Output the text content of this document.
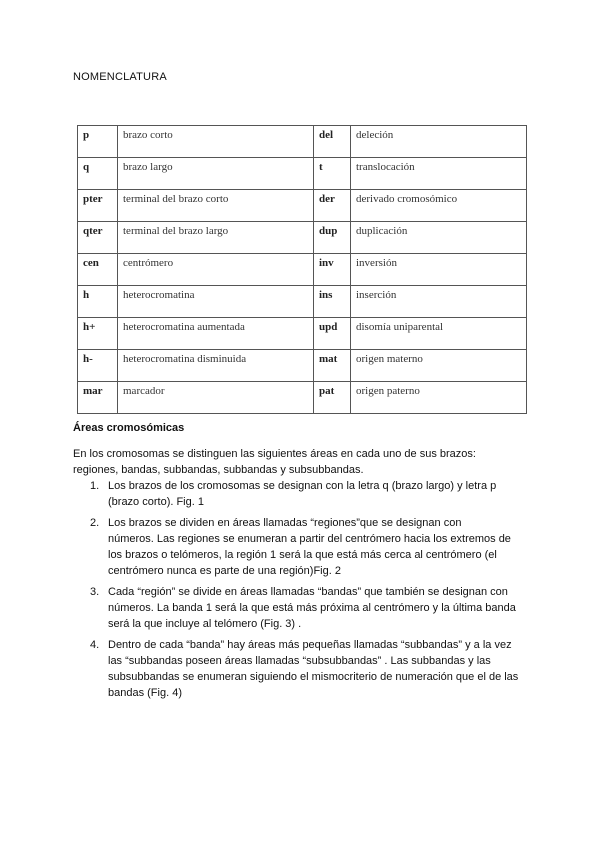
NOMENCLATURA
p	brazo corto	del	deleción
q	brazo largo	t	translocación
pter	terminal del brazo corto	der	derivado cromosómico
qter	terminal del brazo largo	dup	duplicación
cen	centrómero	inv	inversión
h	heterocromatina	ins	inserción
h+	heterocromatina aumentada	upd	disomía uniparental
h-	heterocromatina disminuida	mat	origen materno
mar	marcador	pat	origen paterno
Áreas cromosómicas
En los cromosomas se distinguen las siguientes áreas en cada uno de sus brazos:
regiones, bandas, subbandas, subbandas y subsubbandas.
1. Los brazos de los cromosomas se designan con la letra q (brazo largo) y letra p
(brazo corto). Fig. 1
2. Los brazos se dividen en áreas llamadas “regiones”que se designan con
números. Las regiones se enumeran a partir del centrómero hacia los extremos de
los brazos o telómeros, la región 1 será la que está más cerca al centrómero (el
centrómero nunca es parte de una región)Fig. 2
3. Cada “región” se divide en áreas llamadas “bandas” que también se designan con
números. La banda 1 será la que está más próxima al centrómero y la última banda
será la que incluye al telómero (Fig. 3) .
4. Dentro de cada “banda” hay áreas más pequeñas llamadas “subbandas” y a la vez
las “subbandas poseen áreas llamadas “subsubbandas” . Las subbandas y las
subsubbandas se enumeran siguiendo el mismocriterio de numeración que el de las
bandas (Fig. 4)
